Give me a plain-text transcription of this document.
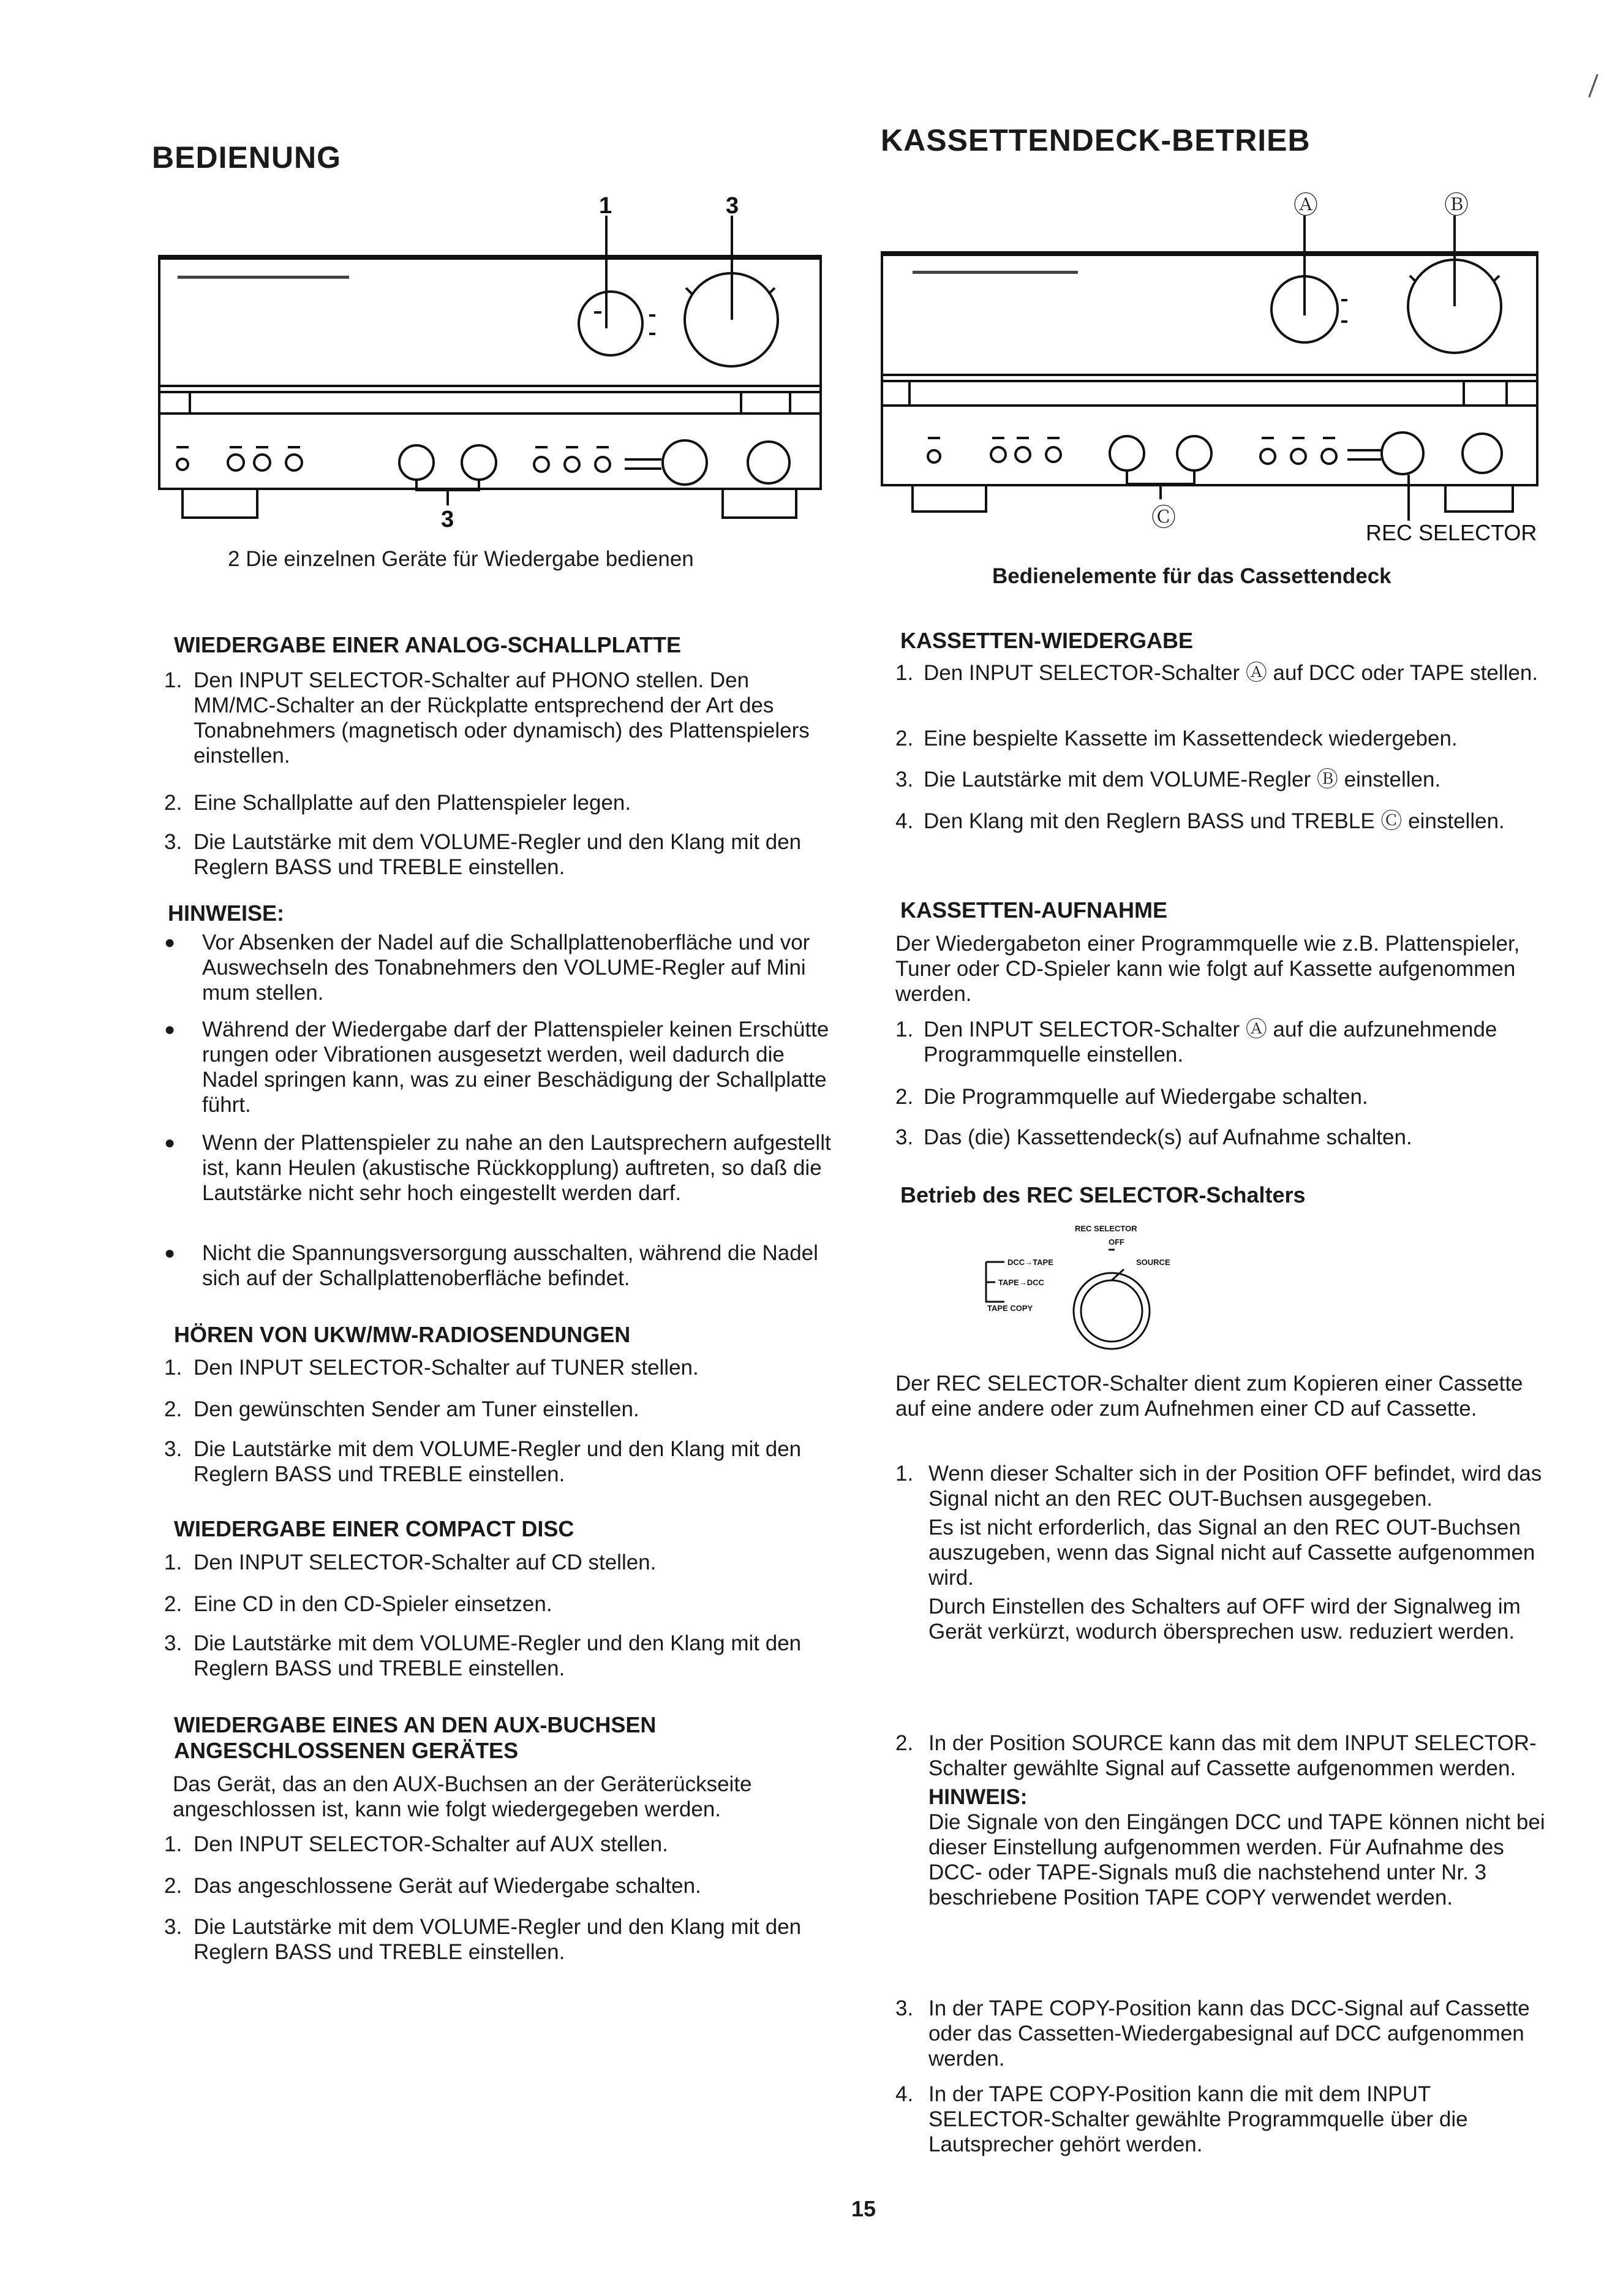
BEDIENUNG
1	3
3
2 Die einzelnen Geräte für Wiedergabe bedienen
WIEDERGABE EINER ANALOG-SCHALLPLATTE
1. Den INPUT SELECTOR-Schalter auf PHONO stellen. Den MM/MC-Schalter an der Rückplatte entsprechend der Art des Tonabnehmers (magnetisch oder dynamisch) des Plattenspielers einstellen.
2. Eine Schallplatte auf den Plattenspieler legen.
3. Die Lautstärke mit dem VOLUME-Regler und den Klang mit den Reglern BASS und TREBLE einstellen.
HINWEISE:
● Vor Absenken der Nadel auf die Schallplattenoberfläche und vor Auswechseln des Tonabnehmers den VOLUME-Regler auf Mini mum stellen.
● Während der Wiedergabe darf der Plattenspieler keinen Erschütte rungen oder Vibrationen ausgesetzt werden, weil dadurch die Nadel springen kann, was zu einer Beschädigung der Schallplatte führt.
● Wenn der Plattenspieler zu nahe an den Lautsprechern aufgestellt ist, kann Heulen (akustische Rückkopplung) auftreten, so daß die Lautstärke nicht sehr hoch eingestellt werden darf.
● Nicht die Spannungsversorgung ausschalten, während die Nadel sich auf der Schallplattenoberfläche befindet.
HÖREN VON UKW/MW-RADIOSENDUNGEN
1. Den INPUT SELECTOR-Schalter auf TUNER stellen.
2. Den gewünschten Sender am Tuner einstellen.
3. Die Lautstärke mit dem VOLUME-Regler und den Klang mit den Reglern BASS und TREBLE einstellen.
WIEDERGABE EINER COMPACT DISC
1. Den INPUT SELECTOR-Schalter auf CD stellen.
2. Eine CD in den CD-Spieler einsetzen.
3. Die Lautstärke mit dem VOLUME-Regler und den Klang mit den Reglern BASS und TREBLE einstellen.
WIEDERGABE EINES AN DEN AUX-BUCHSEN
ANGESCHLOSSENEN GERÄTES
Das Gerät, das an den AUX-Buchsen an der Geräterückseite angeschlossen ist, kann wie folgt wiedergegeben werden.
1. Den INPUT SELECTOR-Schalter auf AUX stellen.
2. Das angeschlossene Gerät auf Wiedergabe schalten.
3. Die Lautstärke mit dem VOLUME-Regler und den Klang mit den Reglern BASS und TREBLE einstellen.
KASSETTENDECK-BETRIEB
Ⓐ	Ⓑ
Ⓒ
REC SELECTOR
Bedienelemente für das Cassettendeck
KASSETTEN-WIEDERGABE
1. Den INPUT SELECTOR-Schalter Ⓐ auf DCC oder TAPE stellen.
2. Eine bespielte Kassette im Kassettendeck wiedergeben.
3. Die Lautstärke mit dem VOLUME-Regler Ⓑ einstellen.
4. Den Klang mit den Reglern BASS und TREBLE Ⓒ einstellen.
KASSETTEN-AUFNAHME
Der Wiedergabeton einer Programmquelle wie z.B. Plattenspieler, Tuner oder CD-Spieler kann wie folgt auf Kassette aufgenommen werden.
1. Den INPUT SELECTOR-Schalter Ⓐ auf die aufzunehmende Programmquelle einstellen.
2. Die Programmquelle auf Wiedergabe schalten.
3. Das (die) Kassettendeck(s) auf Aufnahme schalten.
Betrieb des REC SELECTOR-Schalters
REC SELECTOR
OFF
DCC→TAPE	SOURCE
TAPE→DCC
TAPE COPY
Der REC SELECTOR-Schalter dient zum Kopieren einer Cassette auf eine andere oder zum Aufnehmen einer CD auf Cassette.
1. Wenn dieser Schalter sich in der Position OFF befindet, wird das Signal nicht an den REC OUT-Buchsen ausgegeben.
Es ist nicht erforderlich, das Signal an den REC OUT-Buchsen auszugeben, wenn das Signal nicht auf Cassette aufgenommen wird.
Durch Einstellen des Schalters auf OFF wird der Signalweg im Gerät verkürzt, wodurch öbersprechen usw. reduziert werden.
2. In der Position SOURCE kann das mit dem INPUT SELECTOR-Schalter gewählte Signal auf Cassette aufgenommen werden.
HINWEIS:
Die Signale von den Eingängen DCC und TAPE können nicht bei dieser Einstellung aufgenommen werden. Für Aufnahme des DCC- oder TAPE-Signals muß die nachstehend unter Nr. 3 beschriebene Position TAPE COPY verwendet werden.
3. In der TAPE COPY-Position kann das DCC-Signal auf Cassette oder das Cassetten-Wiedergabesignal auf DCC aufgenommen werden.
4. In der TAPE COPY-Position kann die mit dem INPUT SELECTOR-Schalter gewählte Programmquelle über die Lautsprecher gehört werden.
15
